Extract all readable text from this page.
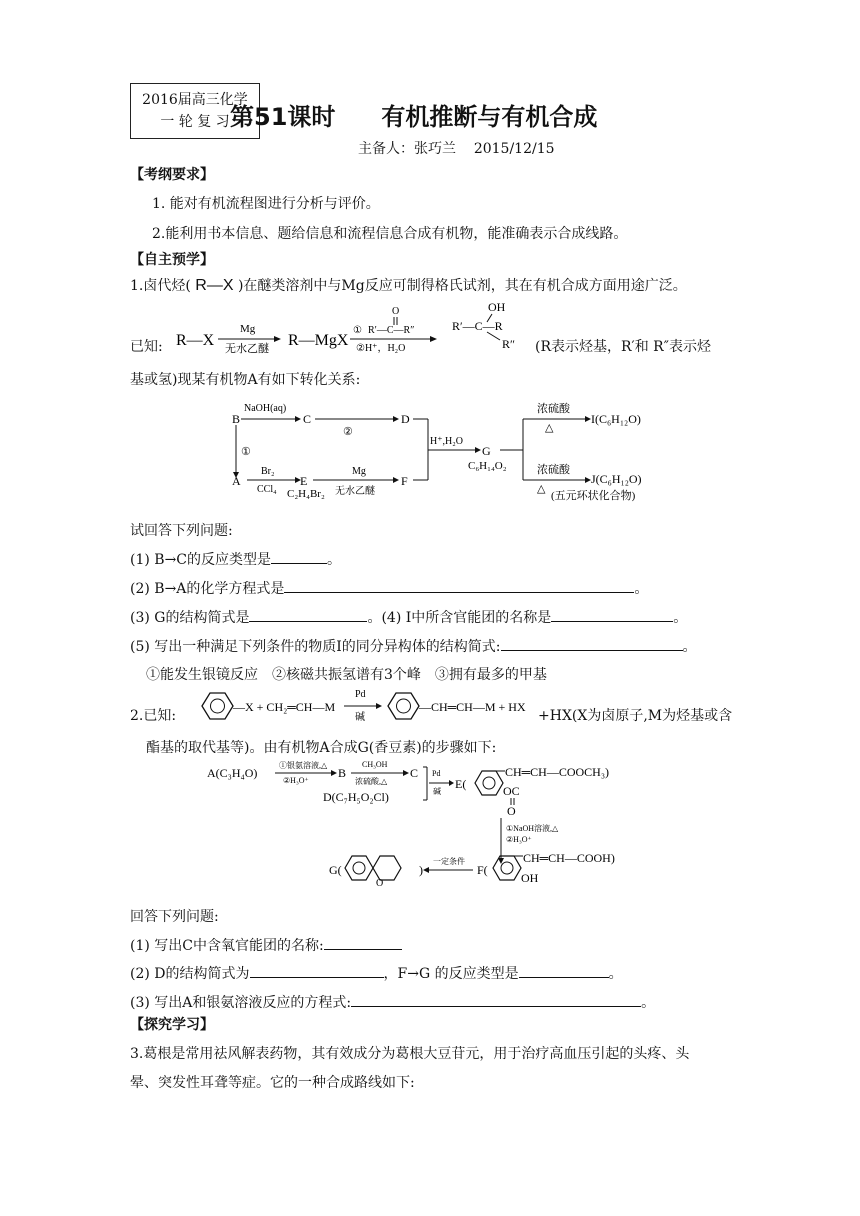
2016届高三化学
一 轮 复 习 第51课时 有机推断与有机合成
主备人：张巧兰 2015/12/15
【考纲要求】
1. 能对有机流程图进行分析与评价。
2.能利用书本信息、题给信息和流程信息合成有机物，能准确表示合成线路。
【自主预学】
1.卤代烃( R—X )在醚类溶剂中与Mg反应可制得格氏试剂，其在有机合成方面用途广泛。
已知: R—X
Mg
无水乙醚 R—MgX
O
① R′—C—R″
②H⁺，H₂O
OH
R′—C—R
R″ (R表示烃基，R′和 R″表示烃
基或氢)现某有机物A有如下转化关系:
B
NaOH(aq)
C
②
D
①
A
Br₂
CCl₄
E
C₂H₄Br₂
Mg
无水乙醚
F
H⁺,H₂O
G
C₆H₁₄O₂
浓硫酸
△
I(C₆H₁₂O)
浓硫酸
△
J(C₆H₁₂O)
(五元环状化合物)
试回答下列问题:
(1) B→C的反应类型是	。
(2) B→A的化学方程式是	。
(3) G的结构简式是	。(4) I中所含官能团的名称是	。
(5) 写出一种满足下列条件的物质I的同分异构体的结构简式:	。
①能发生银镜反应　②核磁共振氢谱有3个峰　③拥有最多的甲基
2.已知:
—X + CH₂═CH—M
Pd
碱
—CH═CH—M + HX
+HX(X为卤原子,M为烃基或含
酯基的取代基等)。由有机物A合成G(香豆素)的步骤如下:
A(C₃H₄O)
①银氨溶液,△
②H₃O⁺
B
CH₃OH
浓硫酸,△
C
D(C₇H₅O₂Cl)
Pd
碱
E(
CH═CH—COOCH₃)
OC
O
①NaOH溶液,△
②H₃O⁺
G(
O
)
一定条件
F(
CH═CH—COOH)
OH
回答下列问题:
(1) 写出C中含氧官能团的名称:
(2) D的结构简式为	，F→G 的反应类型是	。
(3) 写出A和银氨溶液反应的方程式:	。
【探究学习】
3.葛根是常用祛风解表药物，其有效成分为葛根大豆苷元，用于治疗高血压引起的头疼、头
晕、突发性耳聋等症。它的一种合成路线如下:
